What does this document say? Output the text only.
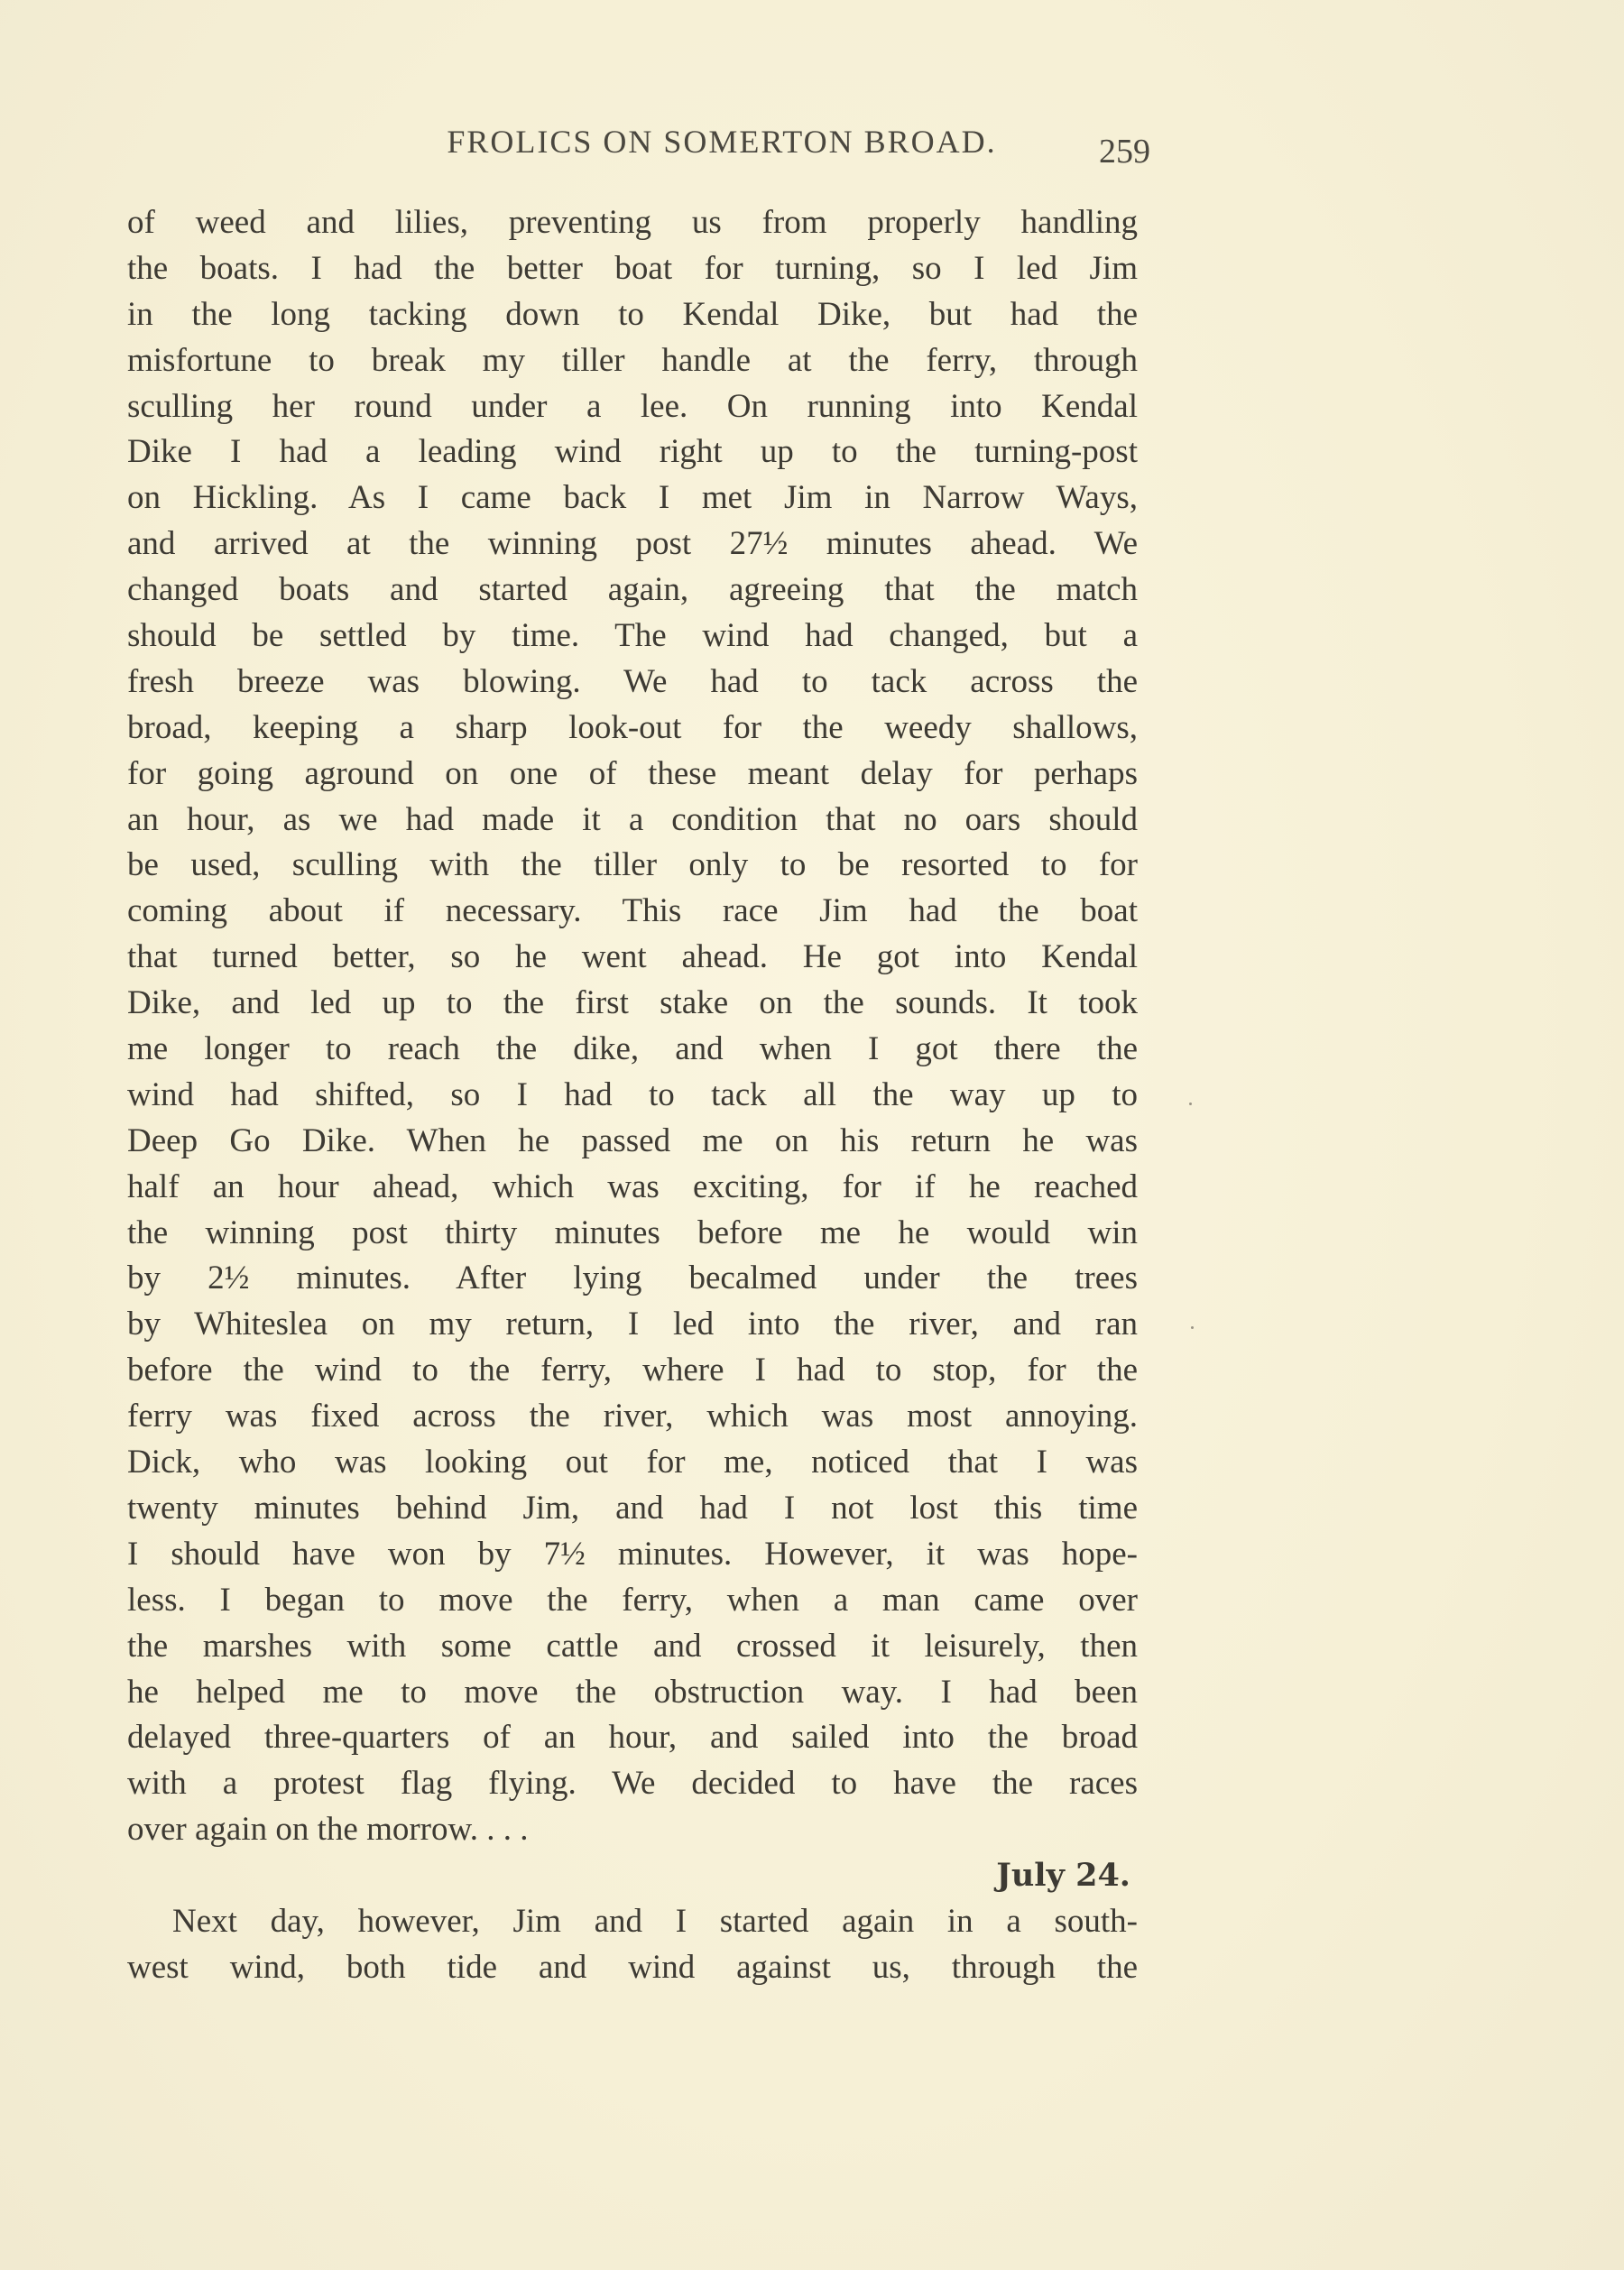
FROLICS ON SOMERTON BROAD.	259
of weed and lilies, preventing us from properly handling
the boats. I had the better boat for turning, so I led Jim
in the long tacking down to Kendal Dike, but had the
misfortune to break my tiller handle at the ferry, through
sculling her round under a lee. On running into Kendal
Dike I had a leading wind right up to the turning-post
on Hickling. As I came back I met Jim in Narrow Ways,
and arrived at the winning post 27½ minutes ahead. We
changed boats and started again, agreeing that the match
should be settled by time. The wind had changed, but a
fresh breeze was blowing. We had to tack across the
broad, keeping a sharp look-out for the weedy shallows,
for going aground on one of these meant delay for perhaps
an hour, as we had made it a condition that no oars should
be used, sculling with the tiller only to be resorted to for
coming about if necessary. This race Jim had the boat
that turned better, so he went ahead. He got into Kendal
Dike, and led up to the first stake on the sounds. It took
me longer to reach the dike, and when I got there the
wind had shifted, so I had to tack all the way up to
Deep Go Dike. When he passed me on his return he was
half an hour ahead, which was exciting, for if he reached
the winning post thirty minutes before me he would win
by 2½ minutes. After lying becalmed under the trees
by Whiteslea on my return, I led into the river, and ran
before the wind to the ferry, where I had to stop, for the
ferry was fixed across the river, which was most annoying.
Dick, who was looking out for me, noticed that I was
twenty minutes behind Jim, and had I not lost this time
I should have won by 7½ minutes. However, it was hope-
less. I began to move the ferry, when a man came over
the marshes with some cattle and crossed it leisurely, then
he helped me to move the obstruction way. I had been
delayed three-quarters of an hour, and sailed into the broad
with a protest flag flying. We decided to have the races
over again on the morrow. . . .
July 24.
Next day, however, Jim and I started again in a south-
west wind, both tide and wind against us, through the
